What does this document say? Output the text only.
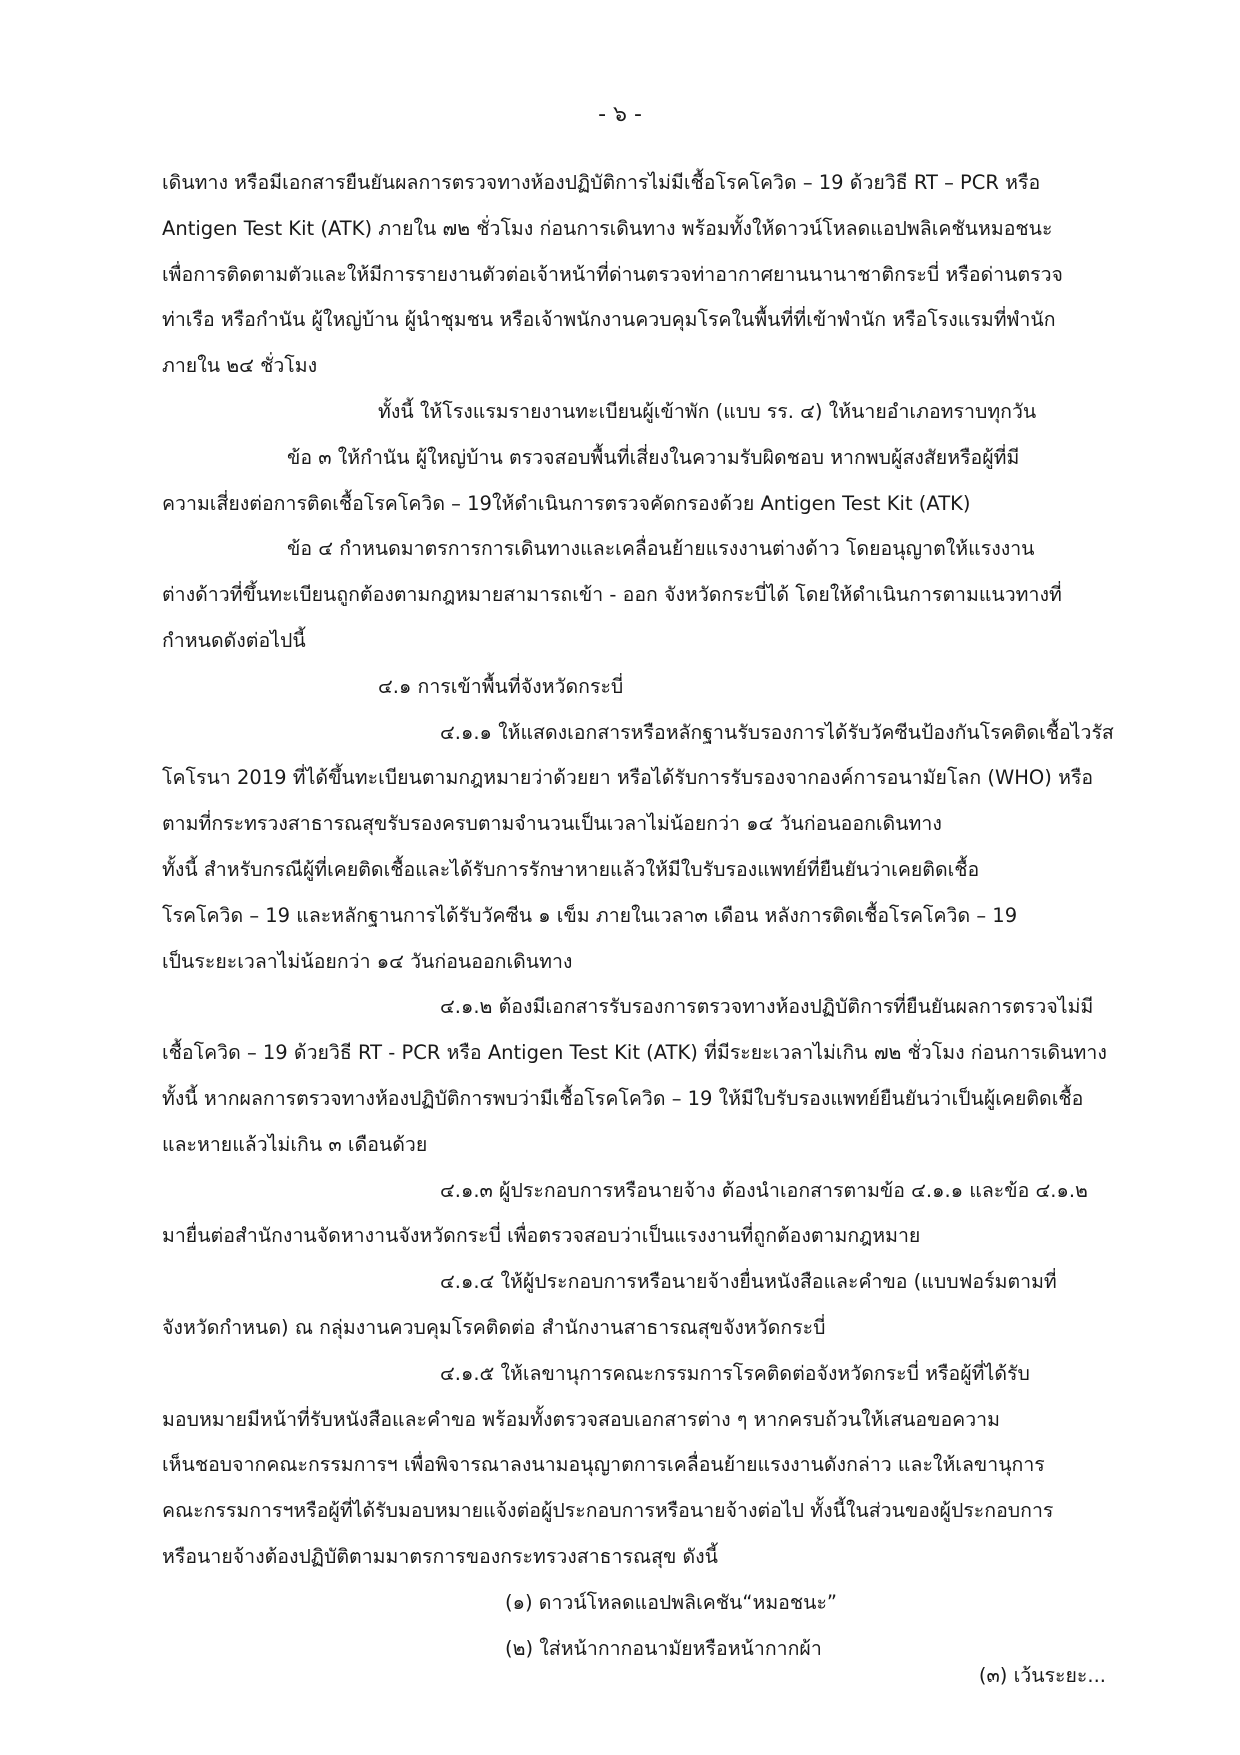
- ๖ -
เดินทาง หรือมีเอกสารยืนยันผลการตรวจทางห้องปฏิบัติการไม่มีเชื้อโรคโควิด – 19 ด้วยวิธี RT – PCR หรือ
Antigen Test Kit (ATK) ภายใน ๗๒ ชั่วโมง ก่อนการเดินทาง พร้อมทั้งให้ดาวน์โหลดแอปพลิเคชันหมอชนะ
เพื่อการติดตามตัวและให้มีการรายงานตัวต่อเจ้าหน้าที่ด่านตรวจท่าอากาศยานนานาชาติกระบี่ หรือด่านตรวจ
ท่าเรือ หรือกำนัน ผู้ใหญ่บ้าน ผู้นำชุมชน หรือเจ้าพนักงานควบคุมโรคในพื้นที่ที่เข้าพำนัก หรือโรงแรมที่พำนัก
ภายใน ๒๔ ชั่วโมง
ทั้งนี้ ให้โรงแรมรายงานทะเบียนผู้เข้าพัก (แบบ รร. ๔) ให้นายอำเภอทราบทุกวัน
ข้อ ๓ ให้กำนัน ผู้ใหญ่บ้าน ตรวจสอบพื้นที่เสี่ยงในความรับผิดชอบ หากพบผู้สงสัยหรือผู้ที่มี
ความเสี่ยงต่อการติดเชื้อโรคโควิด – 19ให้ดำเนินการตรวจคัดกรองด้วย Antigen Test Kit (ATK)
ข้อ ๔ กำหนดมาตรการการเดินทางและเคลื่อนย้ายแรงงานต่างด้าว โดยอนุญาตให้แรงงาน
ต่างด้าวที่ขึ้นทะเบียนถูกต้องตามกฎหมายสามารถเข้า - ออก จังหวัดกระบี่ได้ โดยให้ดำเนินการตามแนวทางที่
กำหนดดังต่อไปนี้
๔.๑ การเข้าพื้นที่จังหวัดกระบี่
๔.๑.๑ ให้แสดงเอกสารหรือหลักฐานรับรองการได้รับวัคซีนป้องกันโรคติดเชื้อไวรัส
โคโรนา 2019 ที่ได้ขึ้นทะเบียนตามกฎหมายว่าด้วยยา หรือได้รับการรับรองจากองค์การอนามัยโลก (WHO) หรือ
ตามที่กระทรวงสาธารณสุขรับรองครบตามจำนวนเป็นเวลาไม่น้อยกว่า ๑๔ วันก่อนออกเดินทาง
ทั้งนี้ สำหรับกรณีผู้ที่เคยติดเชื้อและได้รับการรักษาหายแล้วให้มีใบรับรองแพทย์ที่ยืนยันว่าเคยติดเชื้อ
โรคโควิด – 19 และหลักฐานการได้รับวัคซีน ๑ เข็ม ภายในเวลา๓ เดือน หลังการติดเชื้อโรคโควิด – 19
เป็นระยะเวลาไม่น้อยกว่า ๑๔ วันก่อนออกเดินทาง
๔.๑.๒ ต้องมีเอกสารรับรองการตรวจทางห้องปฏิบัติการที่ยืนยันผลการตรวจไม่มี
เชื้อโควิด – 19 ด้วยวิธี RT - PCR หรือ Antigen Test Kit (ATK) ที่มีระยะเวลาไม่เกิน ๗๒ ชั่วโมง ก่อนการเดินทาง
ทั้งนี้ หากผลการตรวจทางห้องปฏิบัติการพบว่ามีเชื้อโรคโควิด – 19 ให้มีใบรับรองแพทย์ยืนยันว่าเป็นผู้เคยติดเชื้อ
และหายแล้วไม่เกิน ๓ เดือนด้วย
๔.๑.๓ ผู้ประกอบการหรือนายจ้าง ต้องนำเอกสารตามข้อ ๔.๑.๑ และข้อ ๔.๑.๒
มายื่นต่อสำนักงานจัดหางานจังหวัดกระบี่ เพื่อตรวจสอบว่าเป็นแรงงานที่ถูกต้องตามกฎหมาย
๔.๑.๔ ให้ผู้ประกอบการหรือนายจ้างยื่นหนังสือและคำขอ (แบบฟอร์มตามที่
จังหวัดกำหนด) ณ กลุ่มงานควบคุมโรคติดต่อ สำนักงานสาธารณสุขจังหวัดกระบี่
๔.๑.๕ ให้เลขานุการคณะกรรมการโรคติดต่อจังหวัดกระบี่ หรือผู้ที่ได้รับ
มอบหมายมีหน้าที่รับหนังสือและคำขอ พร้อมทั้งตรวจสอบเอกสารต่าง ๆ หากครบถ้วนให้เสนอขอความ
เห็นชอบจากคณะกรรมการฯ เพื่อพิจารณาลงนามอนุญาตการเคลื่อนย้ายแรงงานดังกล่าว และให้เลขานุการ
คณะกรรมการฯหรือผู้ที่ได้รับมอบหมายแจ้งต่อผู้ประกอบการหรือนายจ้างต่อไป ทั้งนี้ในส่วนของผู้ประกอบการ
หรือนายจ้างต้องปฏิบัติตามมาตรการของกระทรวงสาธารณสุข ดังนี้
(๑) ดาวน์โหลดแอปพลิเคชัน“หมอชนะ”
(๒) ใส่หน้ากากอนามัยหรือหน้ากากผ้า
(๓) เว้นระยะ...
